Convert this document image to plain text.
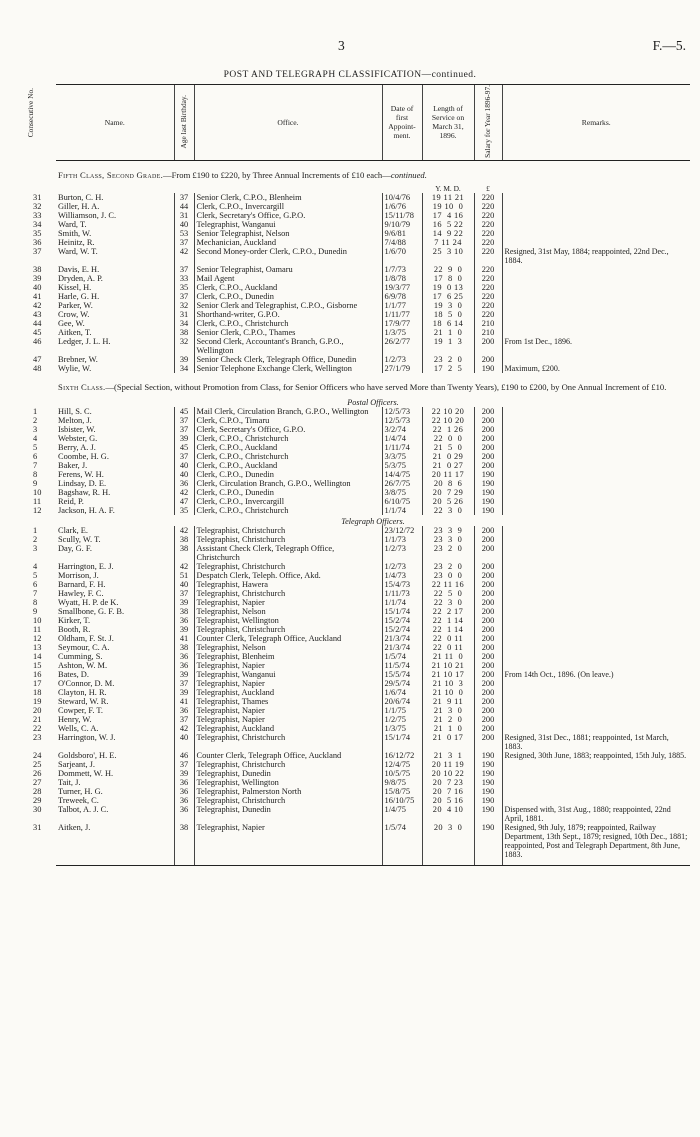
3	F.—5.
POST AND TELEGRAPH CLASSIFICATION—continued.
Consecutive No.	Name.	Age last Birthday.	Office.	Date of first Appoint-ment.	Length of Service on March 31, 1896.	Salary for Year 1896-97.	Remarks.
	Fifth Class, Second Grade.—From £190 to £220, by Three Annual Increments of £10 each—continued.
					Y. M. D.	£	
31	Burton, C. H.	37	Senior Clerk, C.P.O., Blenheim	10/4/76	19 11 21	220	
32	Giller, H. A.	44	Clerk, C.P.O., Invercargill	1/6/76	19 10  0	220	
33	Williamson, J. C.	31	Clerk, Secretary's Office, G.P.O.	15/11/78	17  4 16	220	
34	Ward, T.	40	Telegraphist, Wanganui	9/10/79	16  5 22	220	
35	Smith, W.	53	Senior Telegraphist, Nelson	9/6/81	14  9 22	220	
36	Heinitz, R.	37	Mechanician, Auckland	7/4/88	7 11 24	220	
37	Ward, W. T.	42	Second Money-order Clerk, C.P.O., Dunedin	1/6/70	25  3 10	220	Resigned, 31st May, 1884; reappointed, 22nd Dec., 1884.
38	Davis, E. H.	37	Senior Telegraphist, Oamaru	1/7/73	22  9  0	220	
39	Dryden, A. P.	33	Mail Agent	1/8/78	17  8  0	220	
40	Kissel, H.	35	Clerk, C.P.O., Auckland	19/3/77	19  0 13	220	
41	Harle, G. H.	37	Clerk, C.P.O., Dunedin	6/9/78	17  6 25	220	
42	Parker, W.	32	Senior Clerk and Telegraphist, C.P.O., Gisborne	1/1/77	19  3  0	220	
43	Crow, W.	31	Shorthand-writer, G.P.O.	1/11/77	18  5  0	220	
44	Gee, W.	34	Clerk, C.P.O., Christchurch	17/9/77	18  6 14	210	
45	Aitken, T.	38	Senior Clerk, C.P.O., Thames	1/3/75	21  1  0	210	
46	Ledger, J. L. H.	32	Second Clerk, Accountant's Branch, G.P.O., Wellington	26/2/77	19  1  3	200	From 1st Dec., 1896.
47	Brebner, W.	39	Senior Check Clerk, Telegraph Office, Dunedin	1/2/73	23  2  0	200	
48	Wylie, W.	34	Senior Telephone Exchange Clerk, Wellington	27/1/79	17  2  5	190	Maximum, £200.
	Sixth Class.—(Special Section, without Promotion from Class, for Senior Officers who have served More than Twenty Years), £190 to £200, by One Annual Increment of £10.
	Postal Officers.
1	Hill, S. C.	45	Mail Clerk, Circulation Branch, G.P.O., Wellington	12/5/73	22 10 20	200	
2	Melton, J.	37	Clerk, C.P.O., Timaru	12/5/73	22 10 20	200	
3	Isbister, W.	37	Clerk, Secretary's Office, G.P.O.	3/2/74	22  1 26	200	
4	Webster, G.	39	Clerk, C.P.O., Christchurch	1/4/74	22  0  0	200	
5	Berry, A. J.	45	Clerk, C.P.O., Auckland	1/11/74	21  5  0	200	
6	Coombe, H. G.	37	Clerk, C.P.O., Christchurch	3/3/75	21  0 29	200	
7	Baker, J.	40	Clerk, C.P.O., Auckland	5/3/75	21  0 27	200	
8	Ferens, W. H.	40	Clerk, C.P.O., Dunedin	14/4/75	20 11 17	190	
9	Lindsay, D. E.	36	Clerk, Circulation Branch, G.P.O., Wellington	26/7/75	20  8  6	190	
10	Bagshaw, R. H.	42	Clerk, C.P.O., Dunedin	3/8/75	20  7 29	190	
11	Reid, P.	47	Clerk, C.P.O., Invercargill	6/10/75	20  5 26	190	
12	Jackson, H. A. F.	35	Clerk, C.P.O., Christchurch	1/1/74	22  3  0	190	
	Telegraph Officers.
1	Clark, E.	42	Telegraphist, Christchurch	23/12/72	23  3  9	200	
2	Scully, W. T.	38	Telegraphist, Christchurch	1/1/73	23  3  0	200	
3	Day, G. F.	38	Assistant Check Clerk, Telegraph Office, Christchurch	1/2/73	23  2  0	200	
4	Harrington, E. J.	42	Telegraphist, Christchurch	1/2/73	23  2  0	200	
5	Morrison, J.	51	Despatch Clerk, Teleph. Office, Akd.	1/4/73	23  0  0	200	
6	Barnard, F. H.	40	Telegraphist, Hawera	15/4/73	22 11 16	200	
7	Hawley, F. C.	37	Telegraphist, Christchurch	1/11/73	22  5  0	200	
8	Wyatt, H. P. de K.	39	Telegraphist, Napier	1/1/74	22  3  0	200	
9	Smallbone, G. F. B.	38	Telegraphist, Nelson	15/1/74	22  2 17	200	
10	Kirker, T.	36	Telegraphist, Wellington	15/2/74	22  1 14	200	
11	Booth, R.	39	Telegraphist, Christchurch	15/2/74	22  1 14	200	
12	Oldham, F. St. J.	41	Counter Clerk, Telegraph Office, Auckland	21/3/74	22  0 11	200	
13	Seymour, C. A.	38	Telegraphist, Nelson	21/3/74	22  0 11	200	
14	Cumming, S.	36	Telegraphist, Blenheim	1/5/74	21 11  0	200	
15	Ashton, W. M.	36	Telegraphist, Napier	11/5/74	21 10 21	200	
16	Bates, D.	39	Telegraphist, Wanganui	15/5/74	21 10 17	200	From 14th Oct., 1896. (On leave.)
17	O'Connor, D. M.	37	Telegraphist, Napier	29/5/74	21 10  3	200	
18	Clayton, H. R.	39	Telegraphist, Auckland	1/6/74	21 10  0	200	
19	Steward, W. R.	41	Telegraphist, Thames	20/6/74	21  9 11	200	
20	Cowper, F. T.	36	Telegraphist, Napier	1/1/75	21  3  0	200	
21	Henry, W.	37	Telegraphist, Napier	1/2/75	21  2  0	200	
22	Wells, C. A.	42	Telegraphist, Auckland	1/3/75	21  1  0	200	
23	Harrington, W. J.	40	Telegraphist, Christchurch	15/1/74	21  0 17	200	Resigned, 31st Dec., 1881; reappointed, 1st March, 1883.
24	Goldsboro', H. E.	46	Counter Clerk, Telegraph Office, Auckland	16/12/72	21  3  1	190	Resigned, 30th June, 1883; reappointed, 15th July, 1885.
25	Sarjeant, J.	37	Telegraphist, Christchurch	12/4/75	20 11 19	190	
26	Dommett, W. H.	39	Telegraphist, Dunedin	10/5/75	20 10 22	190	
27	Tait, J.	36	Telegraphist, Wellington	9/8/75	20  7 23	190	
28	Turner, H. G.	36	Telegraphist, Palmerston North	15/8/75	20  7 16	190	
29	Treweek, C.	36	Telegraphist, Christchurch	16/10/75	20  5 16	190	
30	Talbot, A. J. C.	36	Telegraphist, Dunedin	1/4/75	20  4 10	190	Dispensed with, 31st Aug., 1880; reappointed, 22nd April, 1881.
31	Aitken, J.	38	Telegraphist, Napier	1/5/74	20  3  0	190	Resigned, 9th July, 1879; reappointed, Railway Department, 13th Sept., 1879; resigned, 10th Dec., 1881; reappointed, Post and Telegraph Department, 8th June, 1883.
